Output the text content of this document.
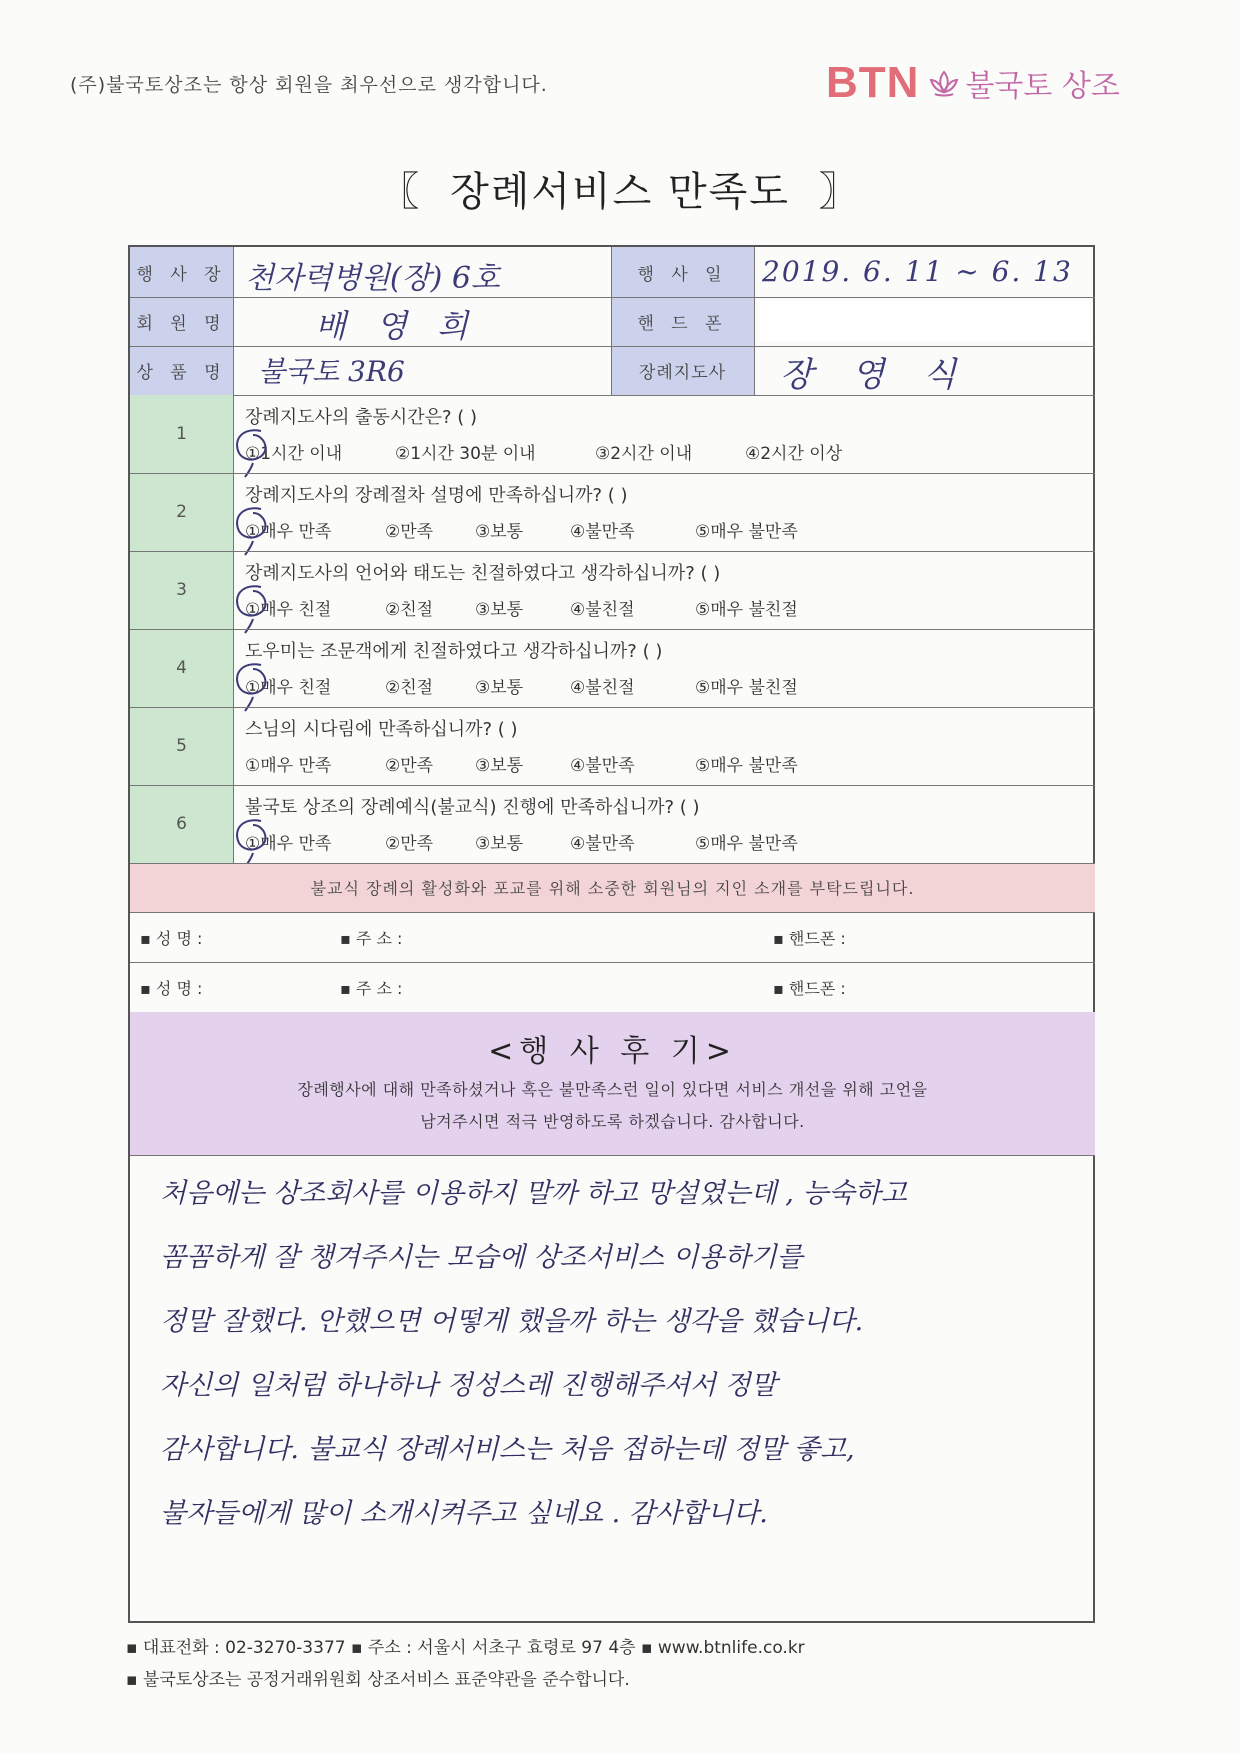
(주)불국토상조는 항상 회원을 최우선으로 생각합니다.	BTN 불국토 상조
〖 장례서비스 만족도 〗
행 사 장 천자력병원(장) 6호	행 사 일	2019. 6. 11 ~ 6. 13
회 원 명	배 영 희	핸 드 폰
상 품 명 불국토 3R6	장례지도사	장 영 식
1
장례지도사의 출동시간은? ( )
①1시간 이내	②1시간 30분 이내	③2시간 이내	④2시간 이상
2
장례지도사의 장례절차 설명에 만족하십니까? ( )
①매우 만족	②만족 ③보통	④불만족	⑤매우 불만족
3
장례지도사의 언어와 태도는 친절하였다고 생각하십니까? ( )
①매우 친절	②친절 ③보통	④불친절	⑤매우 불친절
4
도우미는 조문객에게 친절하였다고 생각하십니까? ( )
①매우 친절	②친절 ③보통	④불친절	⑤매우 불친절
5
스님의 시다림에 만족하십니까? ( )
①매우 만족	②만족 ③보통	④불만족	⑤매우 불만족
6
불국토 상조의 장례예식(불교식) 진행에 만족하십니까? ( )
①매우 만족	②만족 ③보통	④불만족	⑤매우 불만족
불교식 장례의 활성화와 포교를 위해 소중한 회원님의 지인 소개를 부탁드립니다.
▪ 성 명 :	▪ 주 소 :	▪ 핸드폰 :
▪ 성 명 :	▪ 주 소 :	▪ 핸드폰 :
<행 사 후 기>
장례행사에 대해 만족하셨거나 혹은 불만족스런 일이 있다면 서비스 개선을 위해 고언을
남겨주시면 적극 반영하도록 하겠습니다. 감사합니다.
처음에는 상조회사를 이용하지 말까 하고 망설였는데 , 능숙하고
꼼꼼하게 잘 챙겨주시는 모습에 상조서비스 이용하기를
정말 잘했다. 안했으면 어떻게 했을까 하는 생각을 했습니다.
자신의 일처럼 하나하나 정성스레 진행해주셔서 정말
감사합니다. 불교식 장례서비스는 처음 접하는데 정말 좋고,
불자들에게 많이 소개시켜주고 싶네요 . 감사합니다.
▪ 대표전화 : 02-3270-3377 ▪ 주소 : 서울시 서초구 효령로 97 4층 ▪ www.btnlife.co.kr
▪ 불국토상조는 공정거래위원회 상조서비스 표준약관을 준수합니다.
